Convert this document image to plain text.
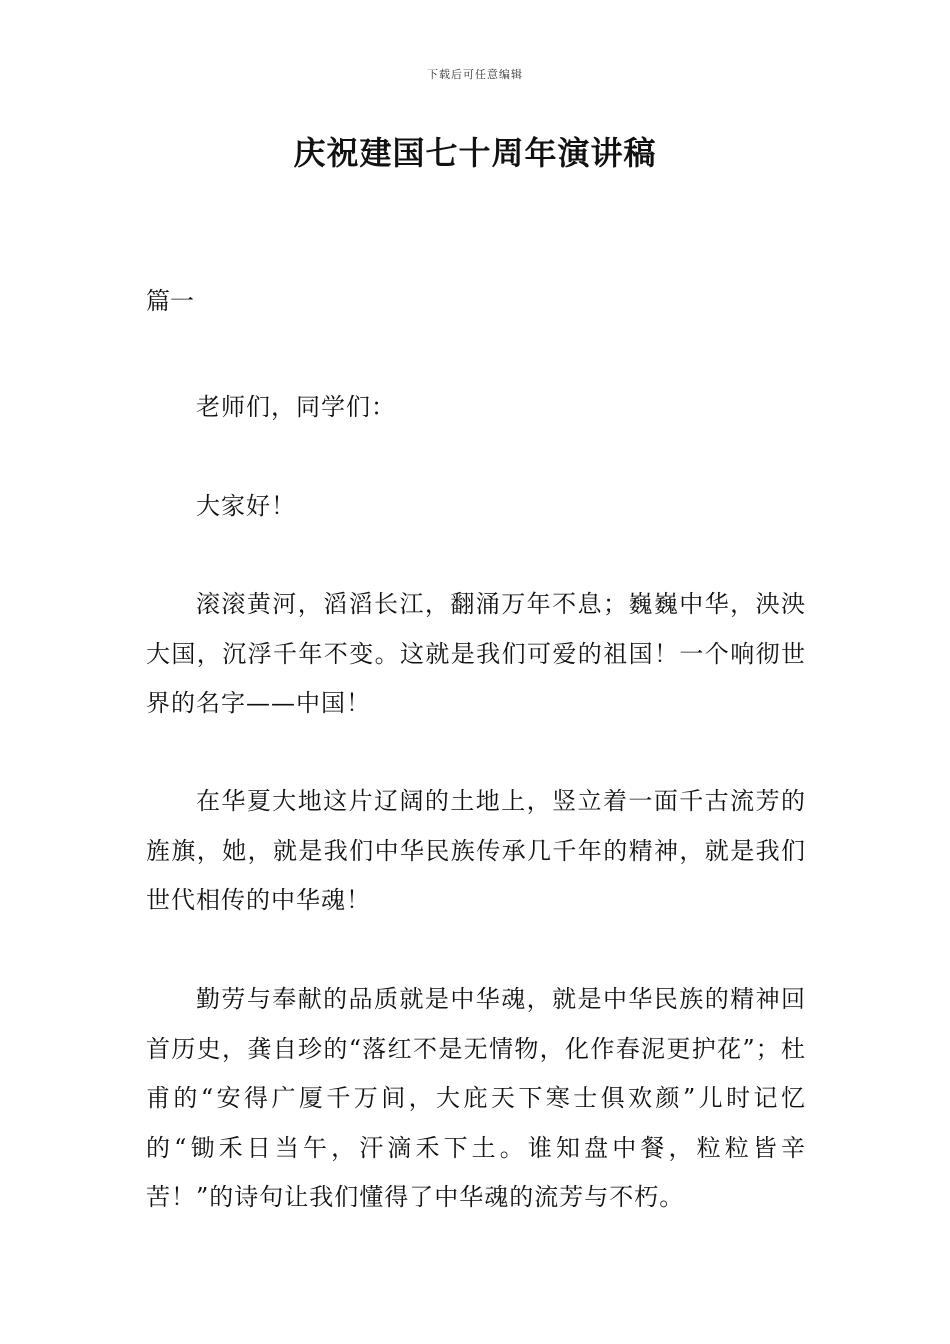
下载后可任意编辑
庆祝建国七十周年演讲稿

篇一

老师们，同学们：

大家好！

滚滚黄河，滔滔长江，翻涌万年不息；巍巍中华，泱泱大国，沉浮千年不变。这就是我们可爱的祖国！一个响彻世界的名字——中国！

在华夏大地这片辽阔的土地上，竖立着一面千古流芳的旌旗，她，就是我们中华民族传承几千年的精神，就是我们世代相传的中华魂！

勤劳与奉献的品质就是中华魂，就是中华民族的精神回首历史，龚自珍的“落红不是无情物，化作春泥更护花”；杜甫的“安得广厦千万间，大庇天下寒士俱欢颜”儿时记忆的“锄禾日当午，汗滴禾下土。谁知盘中餐，粒粒皆辛苦！”的诗句让我们懂得了中华魂的流芳与不朽。
